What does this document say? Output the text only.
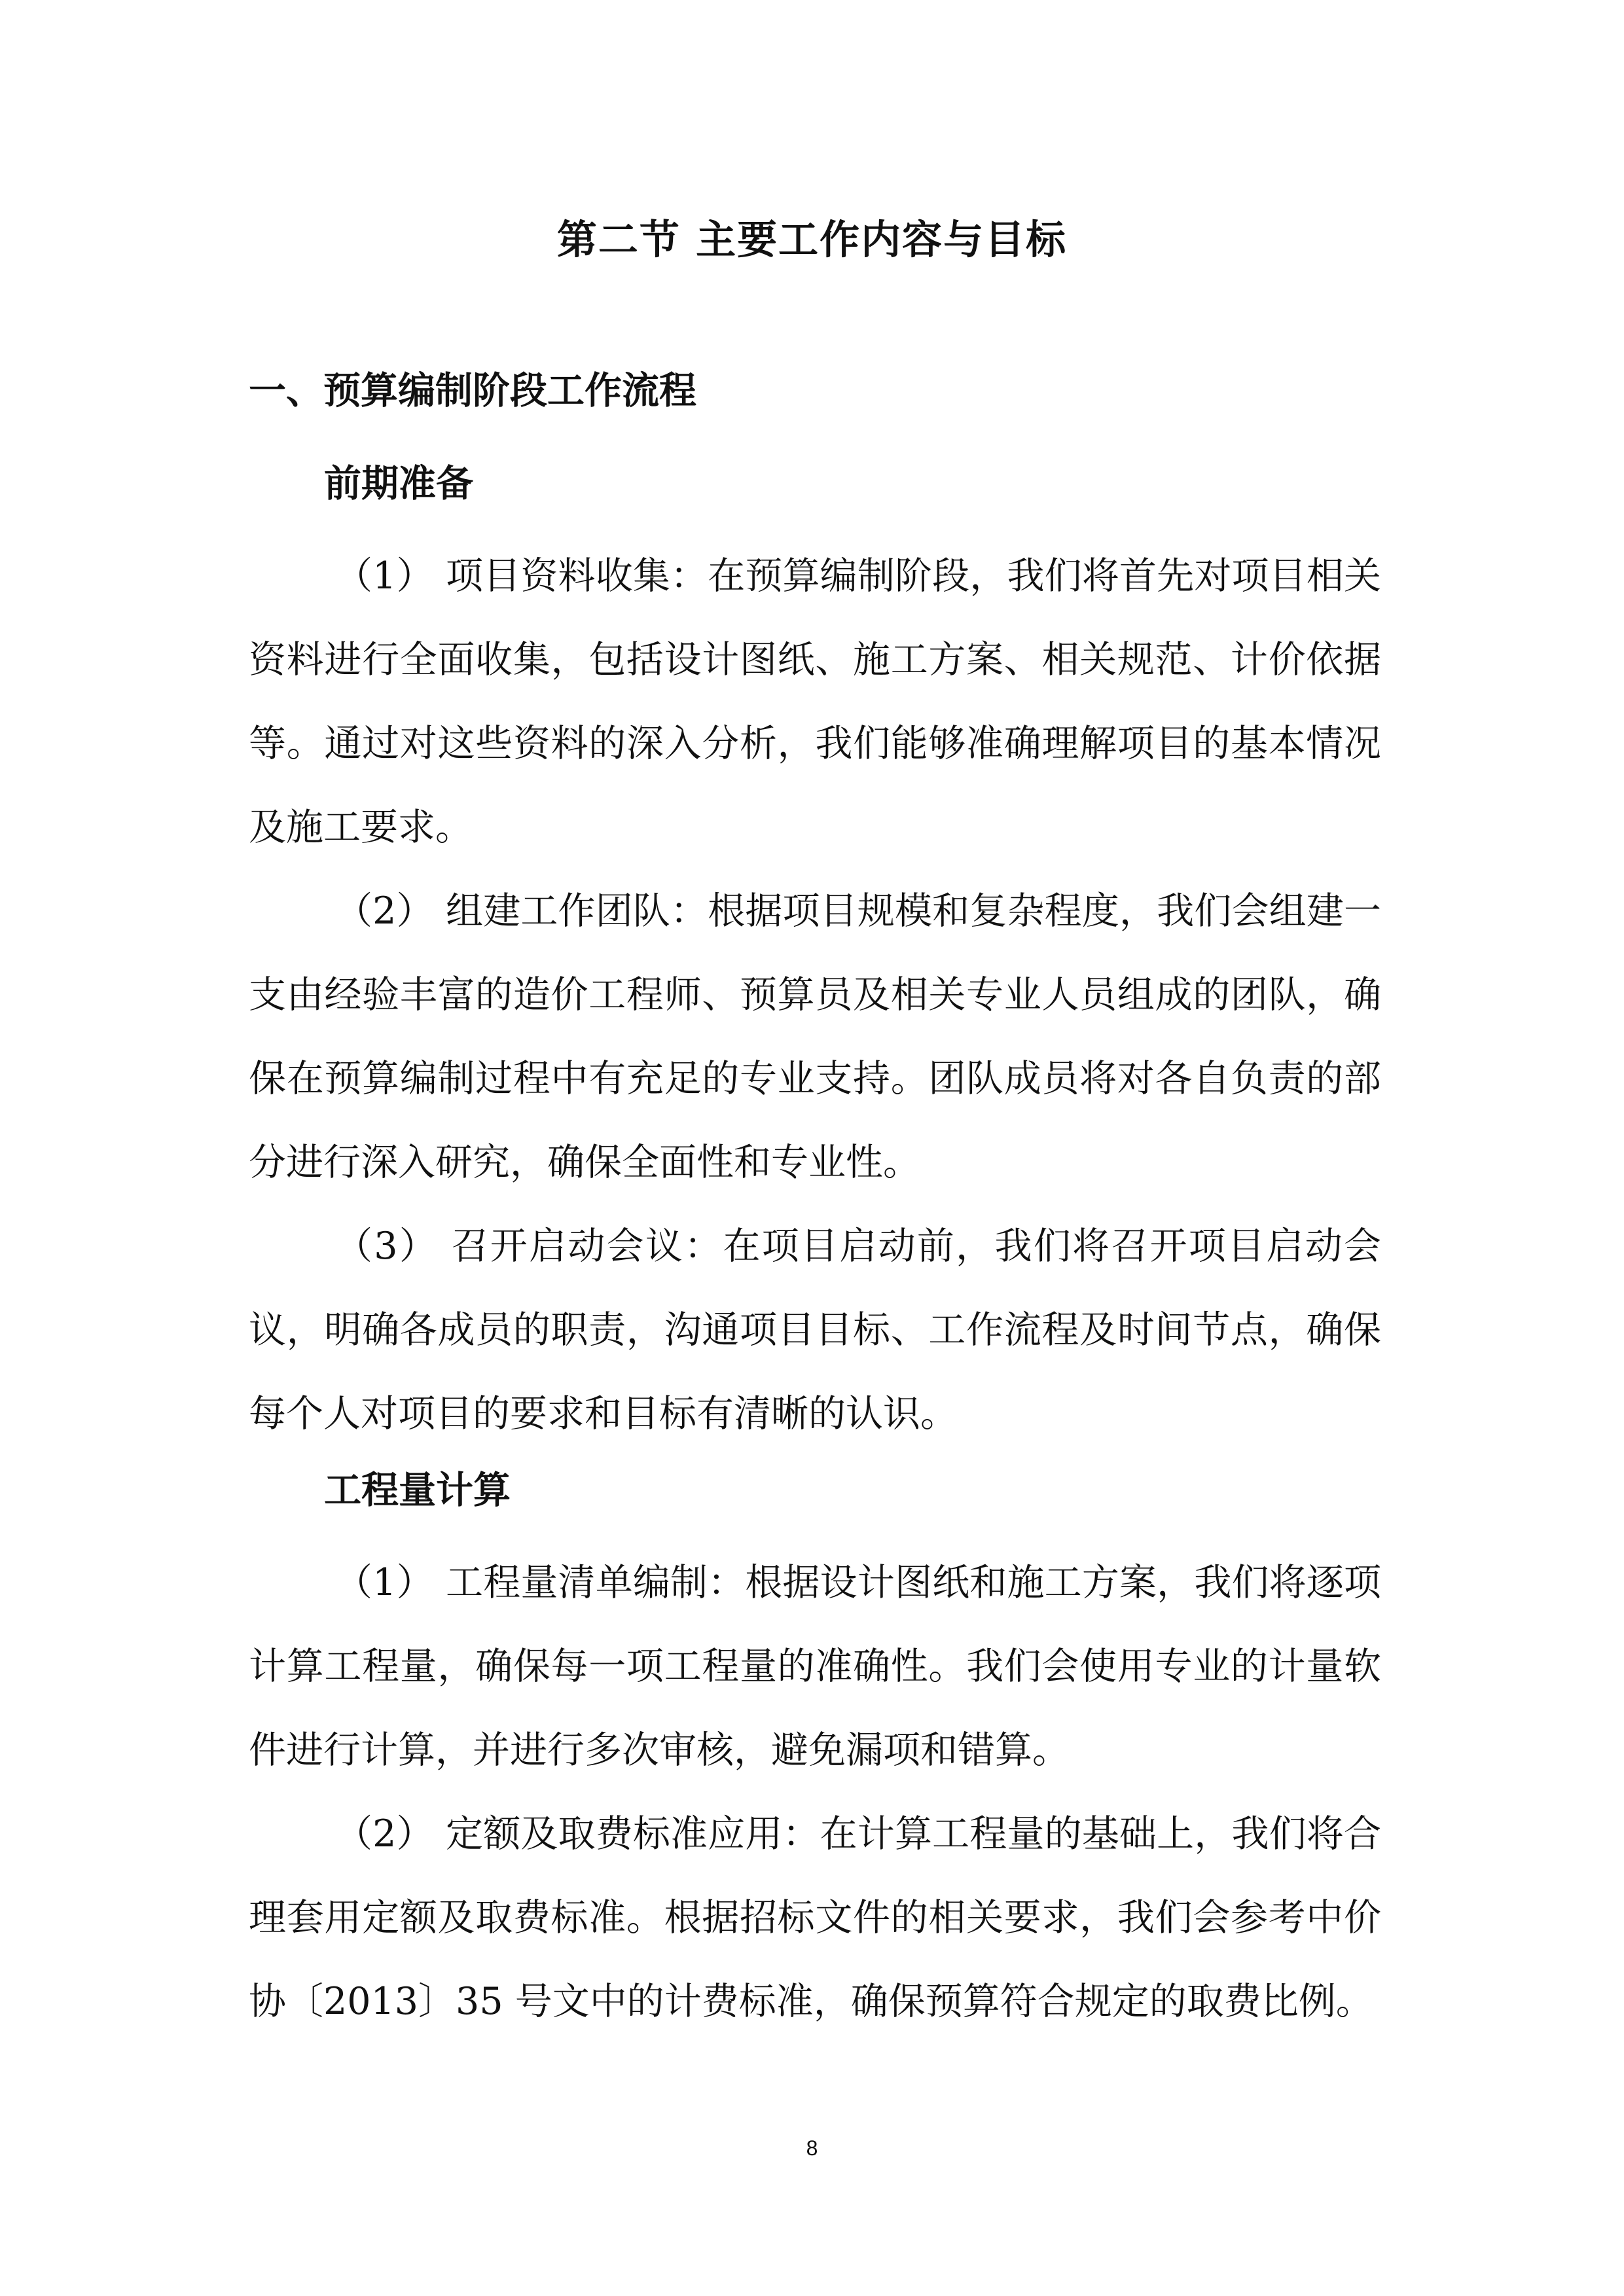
第二节 主要工作内容与目标
一、预算编制阶段工作流程
前期准备

（1） 项目资料收集：在预算编制阶段，我们将首先对项目相关资料进行全面收集，包括设计图纸、施工方案、相关规范、计价依据等。通过对这些资料的深入分析，我们能够准确理解项目的基本情况及施工要求。

（2） 组建工作团队：根据项目规模和复杂程度，我们会组建一支由经验丰富的造价工程师、预算员及相关专业人员组成的团队，确保在预算编制过程中有充足的专业支持。团队成员将对各自负责的部分进行深入研究，确保全面性和专业性。

（3） 召开启动会议：在项目启动前，我们将召开项目启动会议，明确各成员的职责，沟通项目目标、工作流程及时间节点，确保每个人对项目的要求和目标有清晰的认识。

工程量计算

（1） 工程量清单编制：根据设计图纸和施工方案，我们将逐项计算工程量，确保每一项工程量的准确性。我们会使用专业的计量软件进行计算，并进行多次审核，避免漏项和错算。

（2） 定额及取费标准应用：在计算工程量的基础上，我们将合理套用定额及取费标准。根据招标文件的相关要求，我们会参考中价协〔2013〕35 号文中的计费标准，确保预算符合规定的取费比例。

8
